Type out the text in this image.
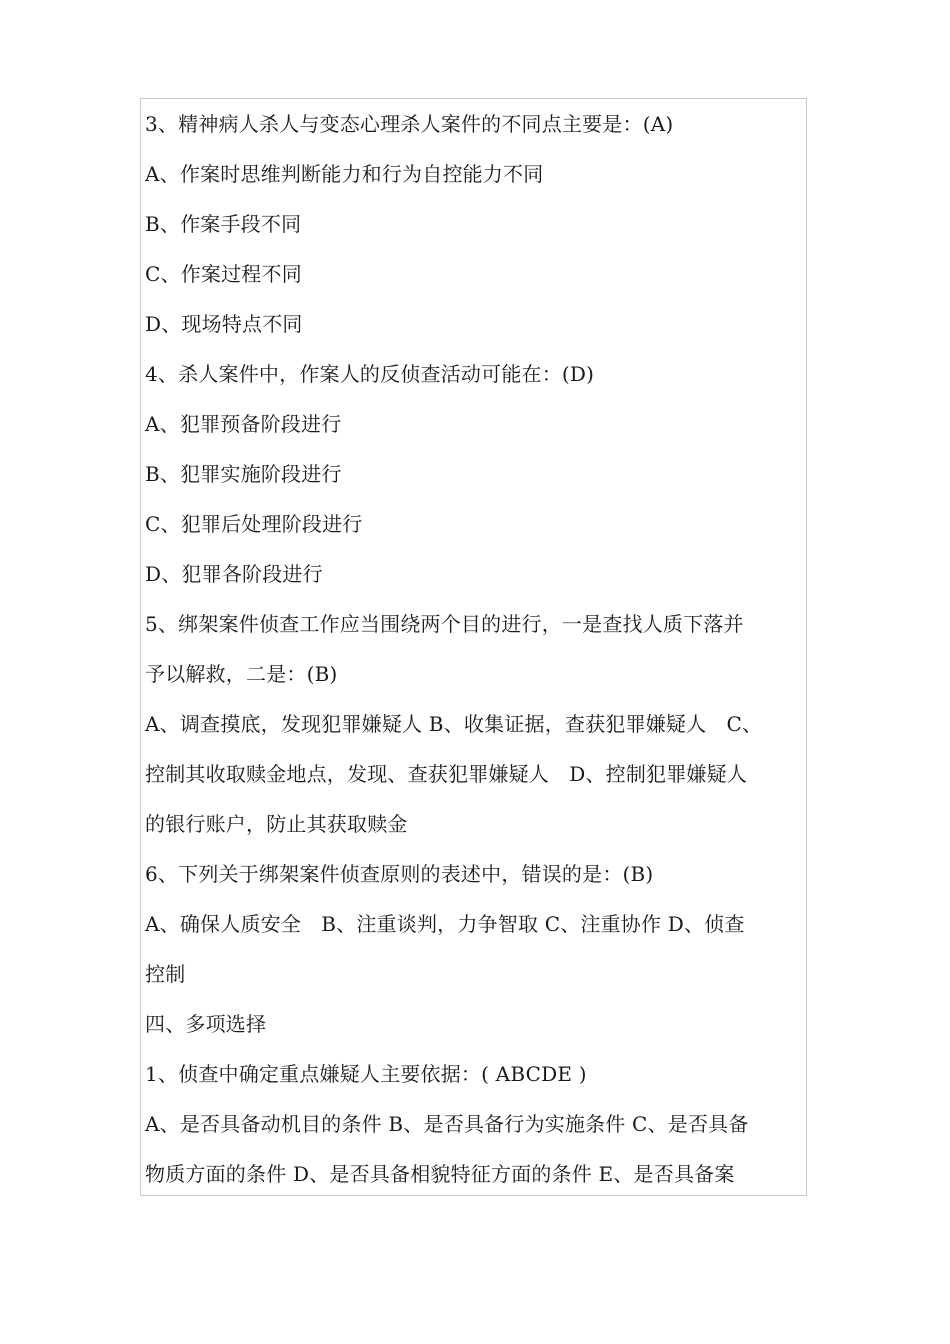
3、精神病人杀人与变态心理杀人案件的不同点主要是：(A)
A、作案时思维判断能力和行为自控能力不同
B、作案手段不同
C、作案过程不同
D、现场特点不同
4、杀人案件中，作案人的反侦查活动可能在：(D)
A、犯罪预备阶段进行
B、犯罪实施阶段进行
C、犯罪后处理阶段进行
D、犯罪各阶段进行
5、绑架案件侦查工作应当围绕两个目的进行，一是查找人质下落并
予以解救，二是：(B)
A、调查摸底，发现犯罪嫌疑人 B、收集证据，查获犯罪嫌疑人　C、
控制其收取赎金地点，发现、查获犯罪嫌疑人　D、控制犯罪嫌疑人
的银行账户，防止其获取赎金
6、下列关于绑架案件侦查原则的表述中，错误的是：(B)
A、确保人质安全　B、注重谈判，力争智取 C、注重协作 D、侦查
控制
四、多项选择
1、侦查中确定重点嫌疑人主要依据：( ABCDE )
A、是否具备动机目的条件 B、是否具备行为实施条件 C、是否具备
物质方面的条件 D、是否具备相貌特征方面的条件 E、是否具备案
